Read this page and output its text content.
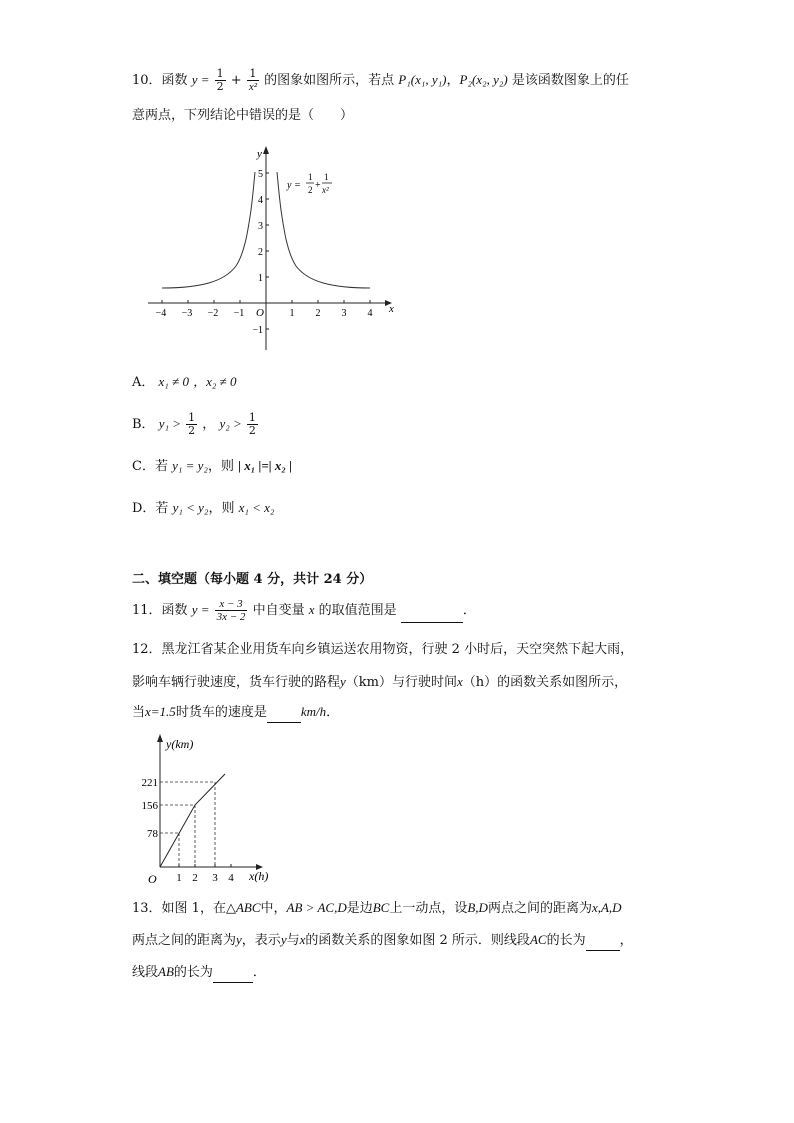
10．函数 $y = \frac{1}{2} + \frac{1}{\text{x²}}$ 的图象如图所示，若点 P₁(x₁, y₁)，P₂(x₂, y₂) 是该函数图象上的任
意两点，下列结论中错误的是（　　）
y
x
O
−4 −3 −2 −1	1 2 3 4
5
4
3
2
1
−1
y =
1
2 +
1
x²
A． x₁ ≠ 0 ，x₂ ≠ 0
B． $y_1 > \frac{1}{2}$ ， $y_2 > \frac{1}{2}$
C．若 y₁ = y₂，则 | x₁ |=| x₂ |
D．若 y₁ < y₂，则 x₁ < x₂
二、填空题（每小题 4 分，共计 24 分）
11．函数 $y = \frac{x - 3}{3x - 2}$ 中自变量 x 的取值范围是	．
12．黑龙江省某企业用货车向乡镇运送农用物资，行驶 2 小时后，天空突然下起大雨，
影响车辆行驶速度，货车行驶的路程y（km）与行驶时间x（h）的函数关系如图所示，
当x=1.5时货车的速度是	km/h．
y(km)
x(h)
O
221
156
78
1 2 3 4
13．如图 1，在△ABC中，AB > AC,D是边BC上一动点，设B,D两点之间的距离为x,A,D
两点之间的距离为y，表示y与x的函数关系的图象如图 2 所示．则线段AC的长为	，
线段AB的长为	．
